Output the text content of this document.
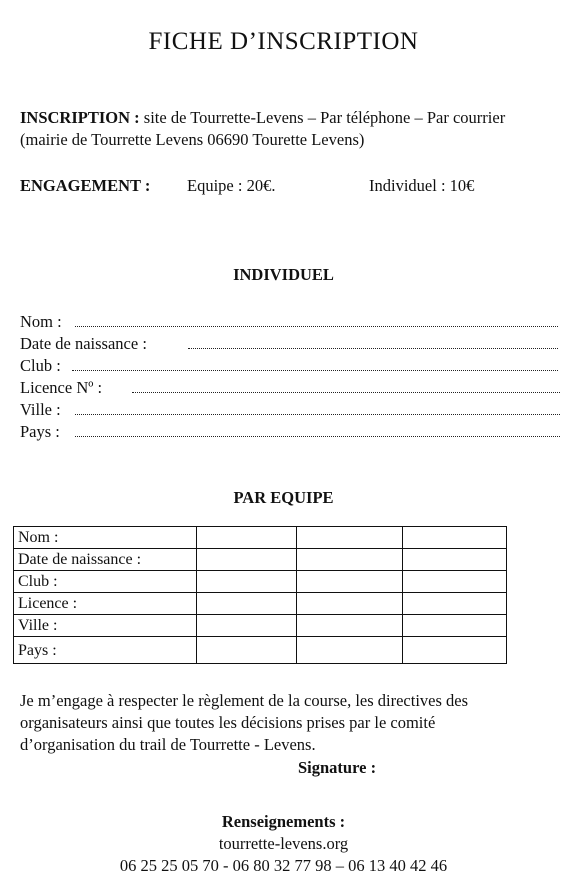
FICHE D’INSCRIPTION
INSCRIPTION : site de Tourrette-Levens – Par téléphone – Par courrier
(mairie de Tourrette Levens 06690 Tourette Levens)
ENGAGEMENT : Equipe : 20€.	Individuel : 10€
INDIVIDUEL
Nom :
Date de naissance :
Club :
Licence Nº :
Ville :
Pays :
PAR EQUIPE
Nom :			
Date de naissance :			
Club :			
Licence :			
Ville :			
Pays :			
Je m’engage à respecter le règlement de la course, les directives des
organisateurs ainsi que toutes les décisions prises par le comité
d’organisation du trail de Tourrette - Levens.
Signature :
Renseignements :
tourrette-levens.org
06 25 25 05 70 - 06 80 32 77 98 – 06 13 40 42 46
